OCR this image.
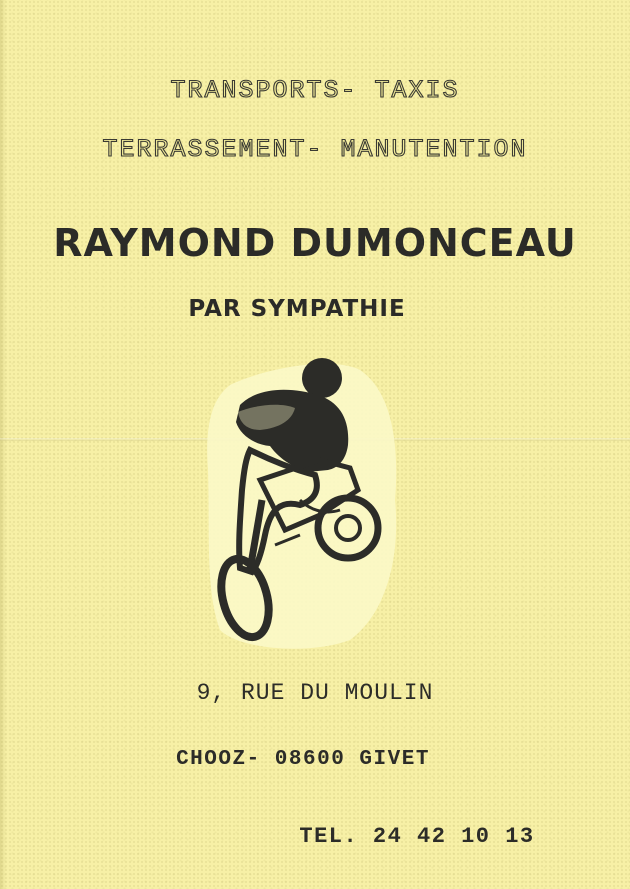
TRANSPORTS- TAXIS
TERRASSEMENT- MANUTENTION
RAYMOND DUMONCEAU
PAR SYMPATHIE
9, RUE DU MOULIN
CHOOZ- 08600 GIVET
TEL. 24 42 10 13
